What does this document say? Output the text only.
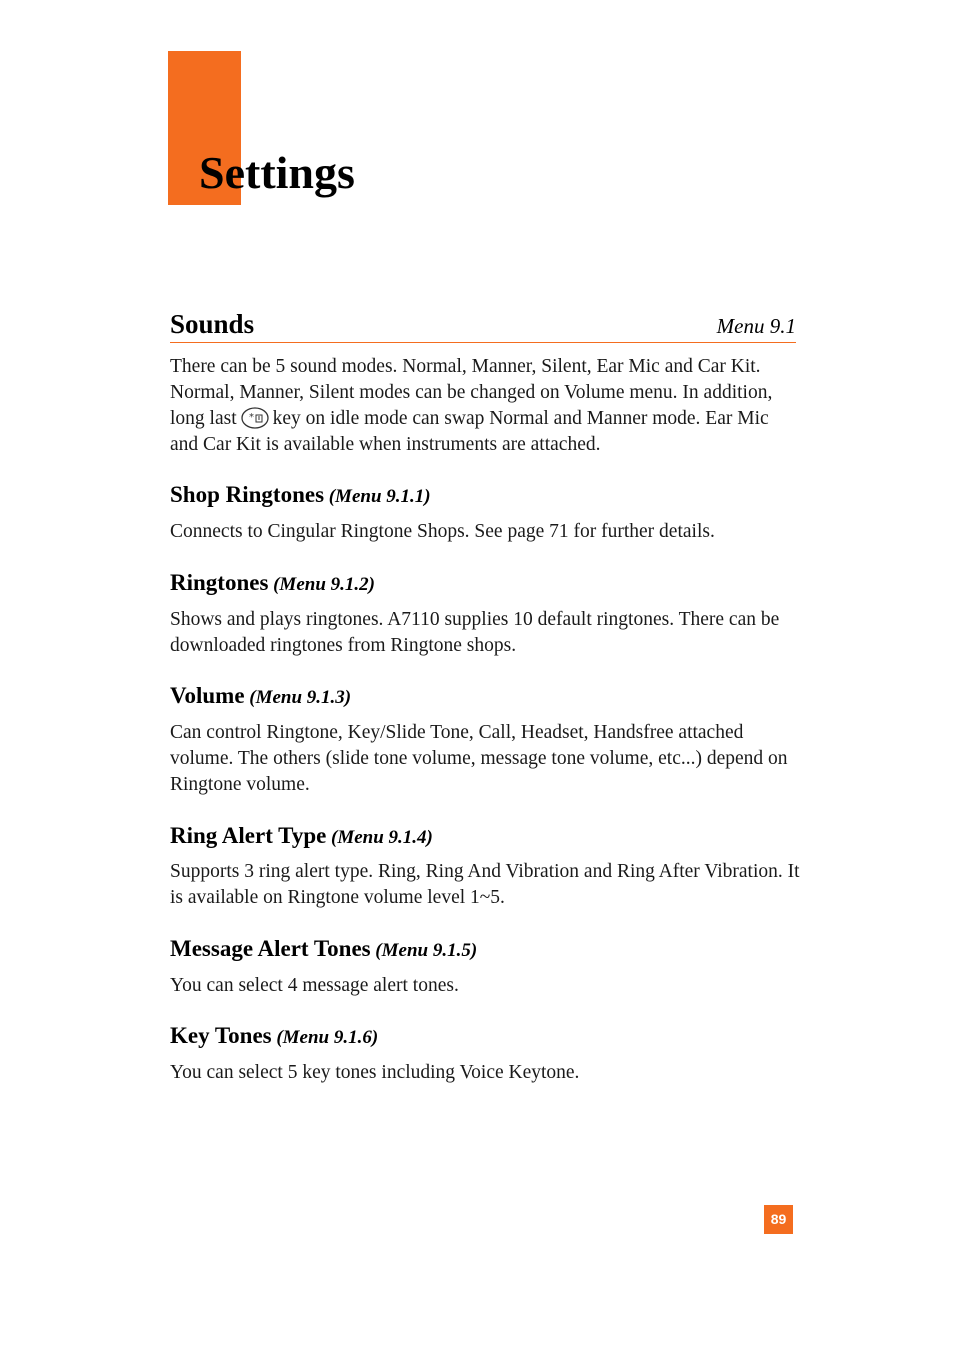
Settings
Sounds	Menu 9.1

There can be 5 sound modes. Normal, Manner, Silent, Ear Mic and Car Kit. Normal, Manner, Silent modes can be changed on Volume menu. In addition, long last * key on idle mode can swap Normal and Manner mode. Ear Mic and Car Kit is available when instruments are attached.

Shop Ringtones (Menu 9.1.1)

Connects to Cingular Ringtone Shops. See page 71 for further details.

Ringtones (Menu 9.1.2)

Shows and plays ringtones. A7110 supplies 10 default ringtones. There can be downloaded ringtones from Ringtone shops.

Volume (Menu 9.1.3)

Can control Ringtone, Key/Slide Tone, Call, Headset, Handsfree attached volume. The others (slide tone volume, message tone volume, etc...) depend on Ringtone volume.

Ring Alert Type (Menu 9.1.4)

Supports 3 ring alert type. Ring, Ring And Vibration and Ring After Vibration. It is available on Ringtone volume level 1~5.

Message Alert Tones (Menu 9.1.5)

You can select 4 message alert tones.

Key Tones (Menu 9.1.6)

You can select 5 key tones including Voice Keytone.

89
